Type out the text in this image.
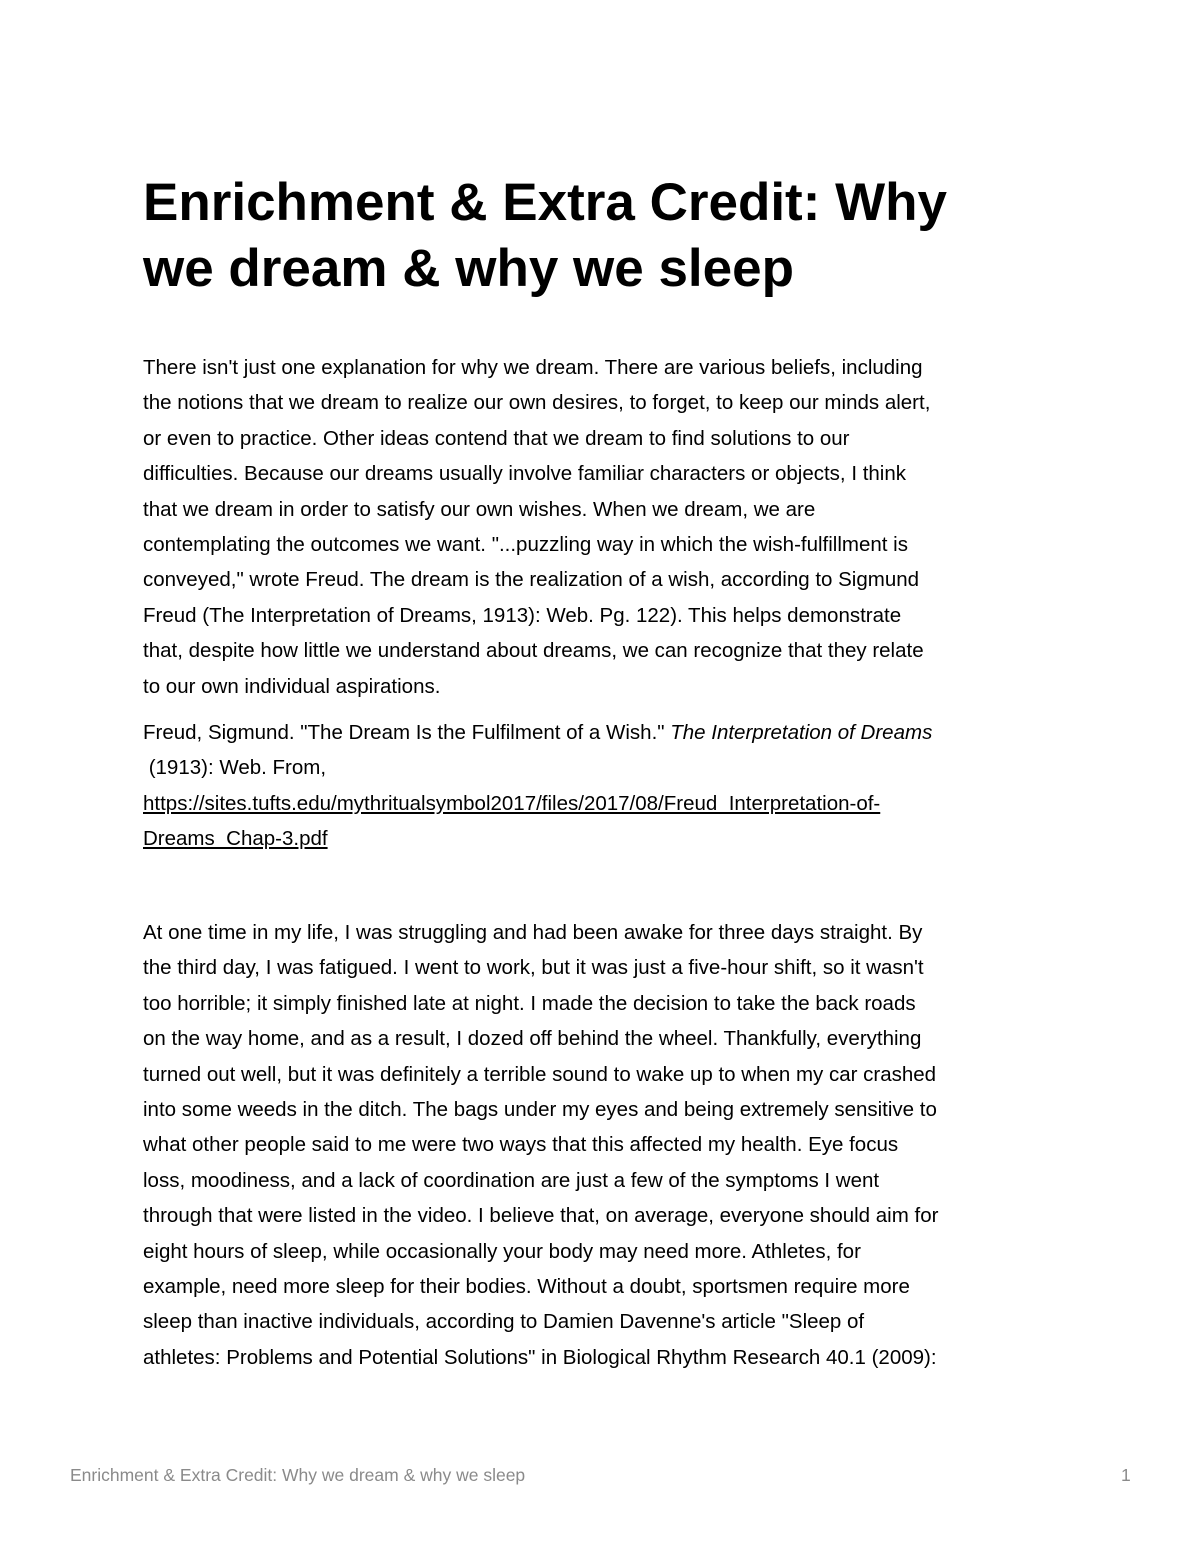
Enrichment & Extra Credit: Why
we dream & why we sleep
There isn't just one explanation for why we dream. There are various beliefs, including
the notions that we dream to realize our own desires, to forget, to keep our minds alert,
or even to practice. Other ideas contend that we dream to find solutions to our
difficulties. Because our dreams usually involve familiar characters or objects, I think
that we dream in order to satisfy our own wishes. When we dream, we are
contemplating the outcomes we want. "...puzzling way in which the wish-fulfillment is
conveyed," wrote Freud. The dream is the realization of a wish, according to Sigmund
Freud (The Interpretation of Dreams, 1913): Web. Pg. 122). This helps demonstrate
that, despite how little we understand about dreams, we can recognize that they relate
to our own individual aspirations.
Freud, Sigmund. "The Dream Is the Fulfilment of a Wish." The Interpretation of Dreams
(1913): Web. From,
https://sites.tufts.edu/mythritualsymbol2017/files/2017/08/Freud_Interpretation-of-
Dreams_Chap-3.pdf
At one time in my life, I was struggling and had been awake for three days straight. By
the third day, I was fatigued. I went to work, but it was just a five-hour shift, so it wasn't
too horrible; it simply finished late at night. I made the decision to take the back roads
on the way home, and as a result, I dozed off behind the wheel. Thankfully, everything
turned out well, but it was definitely a terrible sound to wake up to when my car crashed
into some weeds in the ditch. The bags under my eyes and being extremely sensitive to
what other people said to me were two ways that this affected my health. Eye focus
loss, moodiness, and a lack of coordination are just a few of the symptoms I went
through that were listed in the video. I believe that, on average, everyone should aim for
eight hours of sleep, while occasionally your body may need more. Athletes, for
example, need more sleep for their bodies. Without a doubt, sportsmen require more
sleep than inactive individuals, according to Damien Davenne's article "Sleep of
athletes: Problems and Potential Solutions" in Biological Rhythm Research 40.1 (2009):
Enrichment & Extra Credit: Why we dream & why we sleep	1
